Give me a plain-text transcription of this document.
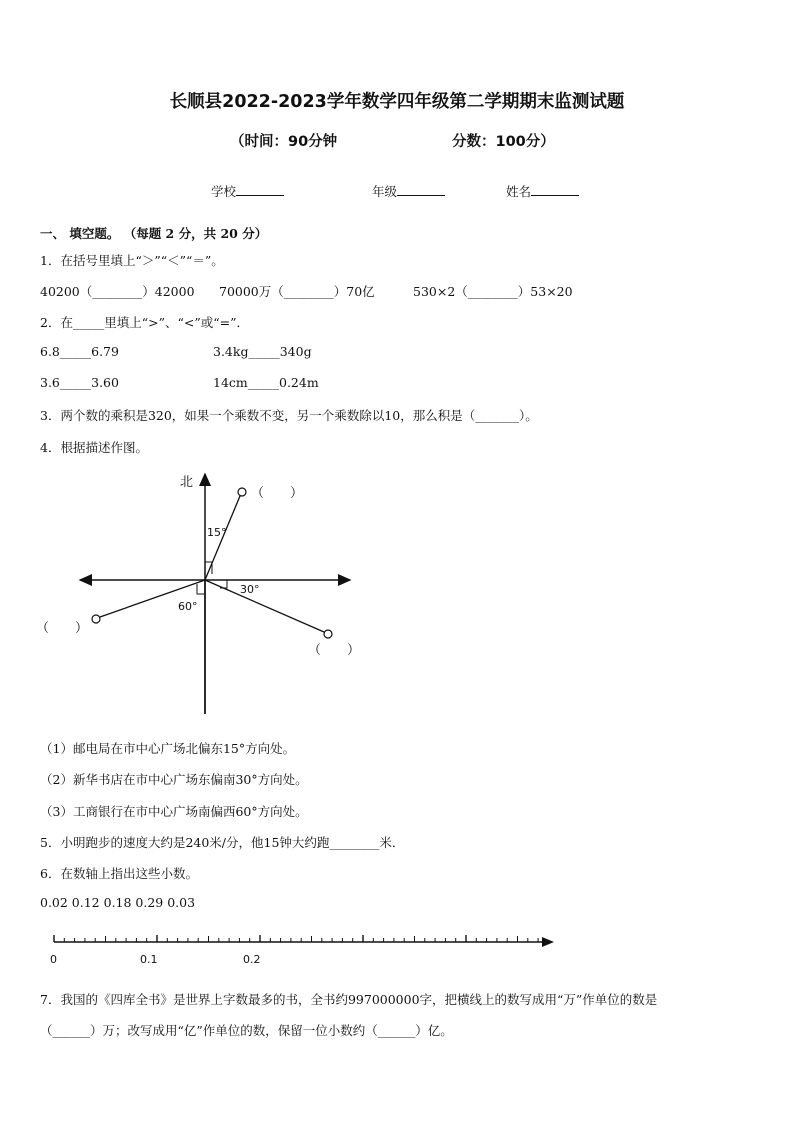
长顺县2022-2023学年数学四年级第二学期期末监测试题
（时间：90分钟	分数：100分）
学校	年级	姓名
一、 填空题。 （每题 2 分，共 20 分）
1．在括号里填上“＞”“＜”“＝”。
40200（________）42000 70000万（________）70亿	530×2（________）53×20
2．在_____里填上“>”、“<”或“=”．
6.8_____6.79	3.4kg_____340g
3.6_____3.60	14cm_____0.24m
3．两个数的乘积是320，如果一个乘数不变，另一个乘数除以10，那么积是（_______）。
4．根据描述作图。
北
（　　）
15°
（　　）
30°
（　　）
60°
（1）邮电局在市中心广场北偏东15°方向处。
（2）新华书店在市中心广场东偏南30°方向处。
（3）工商银行在市中心广场南偏西60°方向处。
5．小明跑步的速度大约是240米/分，他15钟大约跑________米．
6．在数轴上指出这些小数。
0.02 0.12 0.18 0.29 0.03
0	0.1	0.2
7．我国的《四库全书》是世界上字数最多的书，全书约997000000字，把横线上的数写成用“万”作单位的数是
（______）万；改写成用“亿”作单位的数，保留一位小数约（______）亿。
